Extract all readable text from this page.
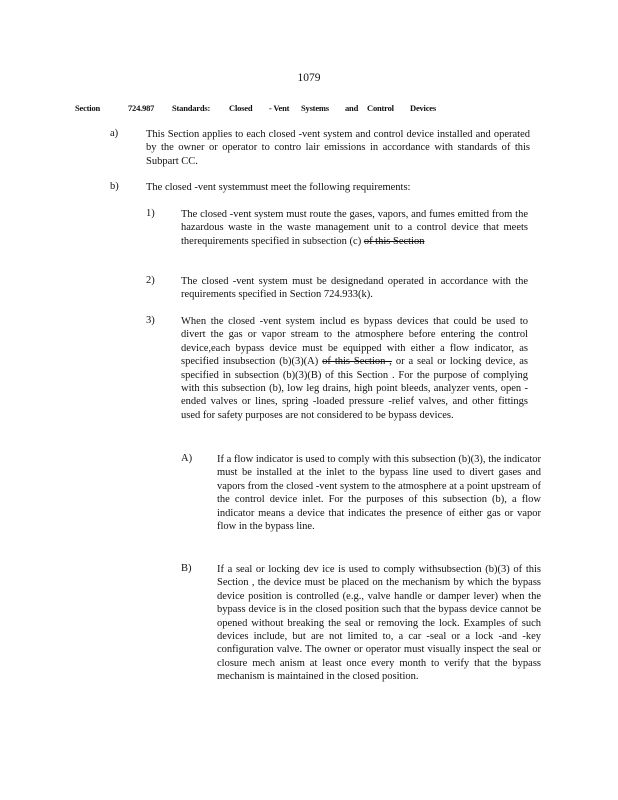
1079
Section	724.987 Standards: Closed - Vent Systems and Control Devices
a)	This Section applies to each closed -vent system and control device installed and operated by the owner or operator to contro lair emissions in accordance with standards of this Subpart CC.
b)	The closed -vent systemmust meet the following requirements:
1)	The closed -vent system must route the gases, vapors, and fumes emitted from the hazardous waste in the waste management unit to a control device that meets therequirements specified in subsection (c) of this Section
2)	The closed -vent system must be designedand operated in accordance with the requirements specified in Section 724.933(k).
3)	When the closed -vent system includ es bypass devices that could be used to divert the gas or vapor stream to the atmosphere before entering the control device,each bypass device must be equipped with either a flow indicator, as specified insubsection (b)(3)(A) of this Section , or a seal or locking device, as specified in subsection (b)(3)(B) of this Section . For the purpose of complying with this subsection (b), low leg drains, high point bleeds, analyzer vents, open -ended valves or lines, spring -loaded pressure -relief valves, and other fittings used for safety purposes are not considered to be bypass devices.
A) If a flow indicator is used to comply with this subsection (b)(3), the indicator must be installed at the inlet to the bypass line used to divert gases and vapors from the closed -vent system to the atmosphere at a point upstream of the control device inlet. For the purposes of this subsection (b), a flow indicator means a device that indicates the presence of either gas or vapor flow in the bypass line.
B) If a seal or locking dev ice is used to comply withsubsection (b)(3) of this Section , the device must be placed on the mechanism by which the bypass device position is controlled (e.g., valve handle or damper lever) when the bypass device is in the closed position such that the bypass device cannot be opened without breaking the seal or removing the lock. Examples of such devices include, but are not limited to, a car -seal or a lock -and -key configuration valve. The owner or operator must visually inspect the seal or closure mech anism at least once every month to verify that the bypass mechanism is maintained in the closed position.
